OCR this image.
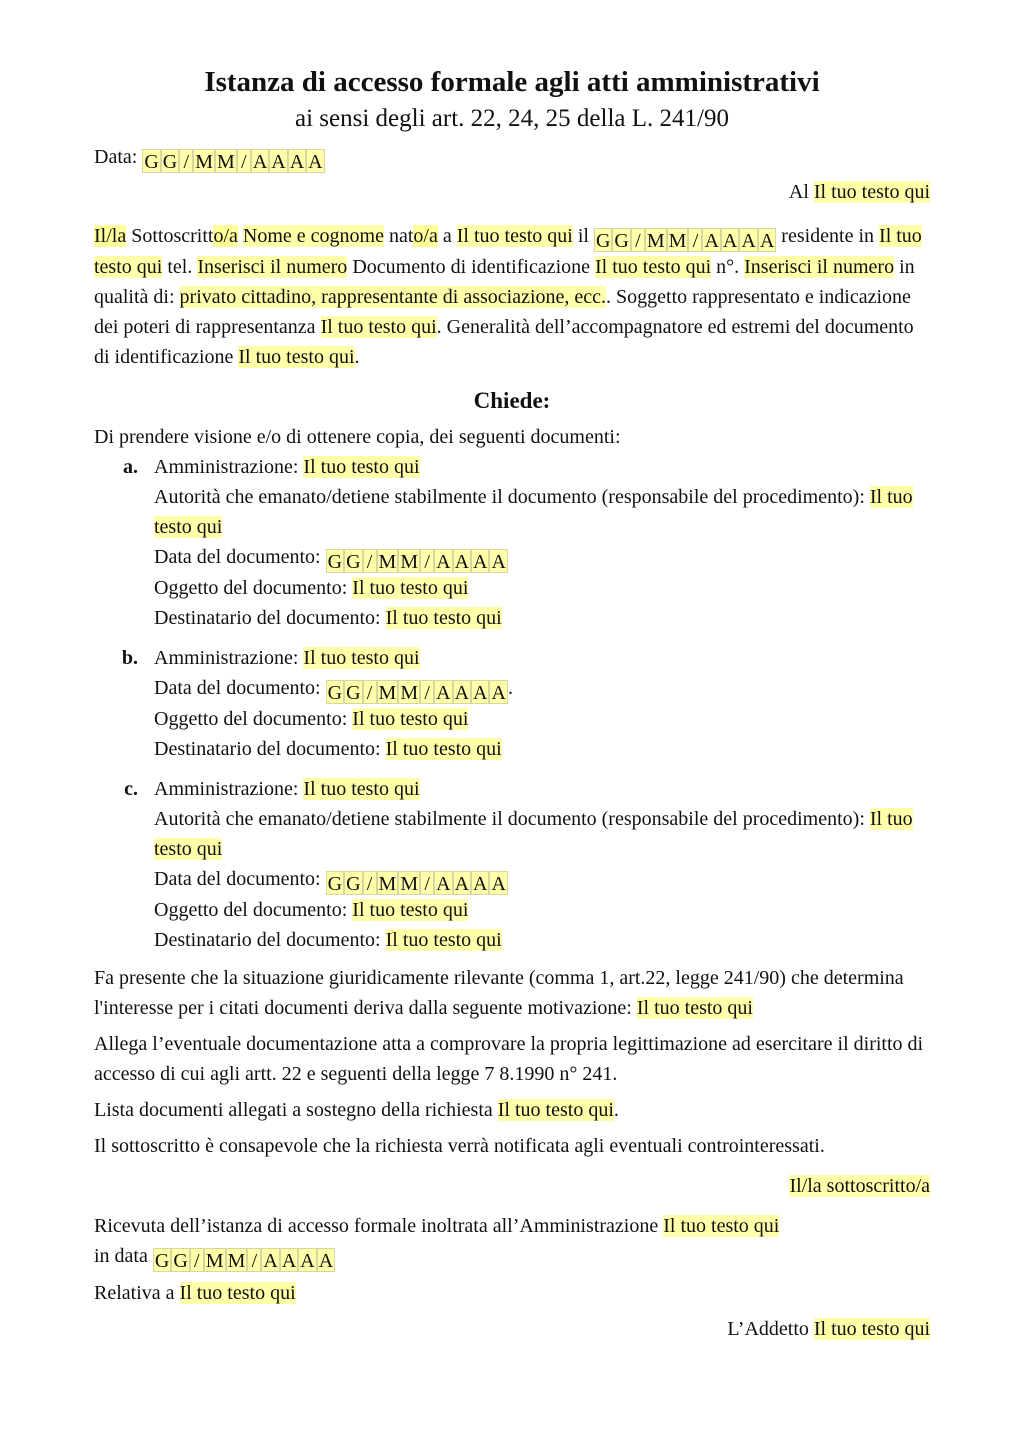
Istanza di accesso formale agli atti amministrativi
ai sensi degli art. 22, 24, 25 della L. 241/90

Data: G G / M M / A A A A

Al Il tuo testo qui

Il/la Sottoscritto/a Nome e cognome nato/a a Il tuo testo qui il G G / M M / A A A A residente in Il tuo testo qui tel. Inserisci il numero Documento di identificazione Il tuo testo qui n°. Inserisci il numero in qualità di: privato cittadino, rappresentante di associazione, ecc.. Soggetto rappresentato e indicazione dei poteri di rappresentanza Il tuo testo qui. Generalità dell’accompagnatore ed estremi del documento di identificazione Il tuo testo qui.

Chiede:

Di prendere visione e/o di ottenere copia, dei seguenti documenti:

a. Amministrazione: Il tuo testo qui
Autorità che emanato/detiene stabilmente il documento (responsabile del procedimento): Il tuo testo qui
Data del documento: G G / M M / A A A A
Oggetto del documento: Il tuo testo qui
Destinatario del documento: Il tuo testo qui
b. Amministrazione: Il tuo testo qui
Data del documento: G G / M M / A A A A .
Oggetto del documento: Il tuo testo qui
Destinatario del documento: Il tuo testo qui
c. Amministrazione: Il tuo testo qui
Autorità che emanato/detiene stabilmente il documento (responsabile del procedimento): Il tuo testo qui
Data del documento: G G / M M / A A A A
Oggetto del documento: Il tuo testo qui
Destinatario del documento: Il tuo testo qui

Fa presente che la situazione giuridicamente rilevante (comma 1, art.22, legge 241/90) che determina l'interesse per i citati documenti deriva dalla seguente motivazione: Il tuo testo qui

Allega l’eventuale documentazione atta a comprovare la propria legittimazione ad esercitare il diritto di accesso di cui agli artt. 22 e seguenti della legge 7 8.1990 n° 241.

Lista documenti allegati a sostegno della richiesta Il tuo testo qui.

Il sottoscritto è consapevole che la richiesta verrà notificata agli eventuali controinteressati.

Il/la sottoscritto/a

Ricevuta dell’istanza di accesso formale inoltrata all’Amministrazione Il tuo testo qui
in data G G / M M / A A A A

Relativa a Il tuo testo qui

L’Addetto Il tuo testo qui
